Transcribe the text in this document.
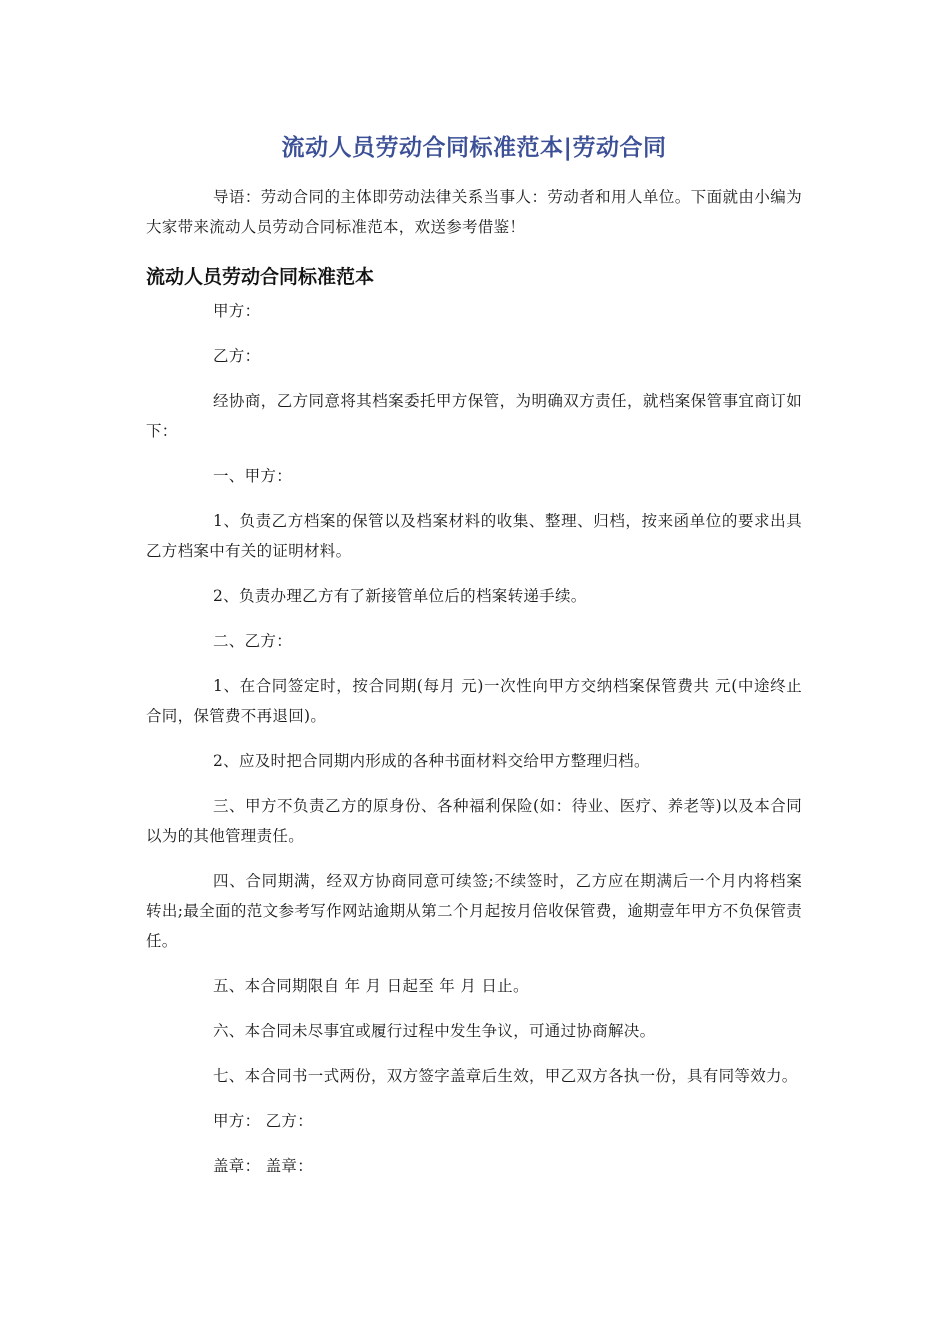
流动人员劳动合同标准范本|劳动合同

导语：劳动合同的主体即劳动法律关系当事人：劳动者和用人单位。下面就由小编为大家带来流动人员劳动合同标准范本，欢送参考借鉴！

流动人员劳动合同标准范本

甲方：

乙方：

经协商，乙方同意将其档案委托甲方保管，为明确双方责任，就档案保管事宜商订如下：

一、甲方：

1、负责乙方档案的保管以及档案材料的收集、整理、归档，按来函单位的要求出具乙方档案中有关的证明材料。

2、负责办理乙方有了新接管单位后的档案转递手续。

二、乙方：

1、在合同签定时，按合同期(每月 元)一次性向甲方交纳档案保管费共 元(中途终止合同，保管费不再退回)。

2、应及时把合同期内形成的各种书面材料交给甲方整理归档。

三、甲方不负责乙方的原身份、各种福利保险(如：待业、医疗、养老等)以及本合同以为的其他管理责任。

四、合同期满，经双方协商同意可续签;不续签时，乙方应在期满后一个月内将档案转出;最全面的范文参考写作网站逾期从第二个月起按月倍收保管费，逾期壹年甲方不负保管责任。

五、本合同期限自 年 月 日起至 年 月 日止。

六、本合同未尽事宜或履行过程中发生争议，可通过协商解决。

七、本合同书一式两份，双方签字盖章后生效，甲乙双方各执一份，具有同等效力。

甲方： 乙方：

盖章： 盖章：
